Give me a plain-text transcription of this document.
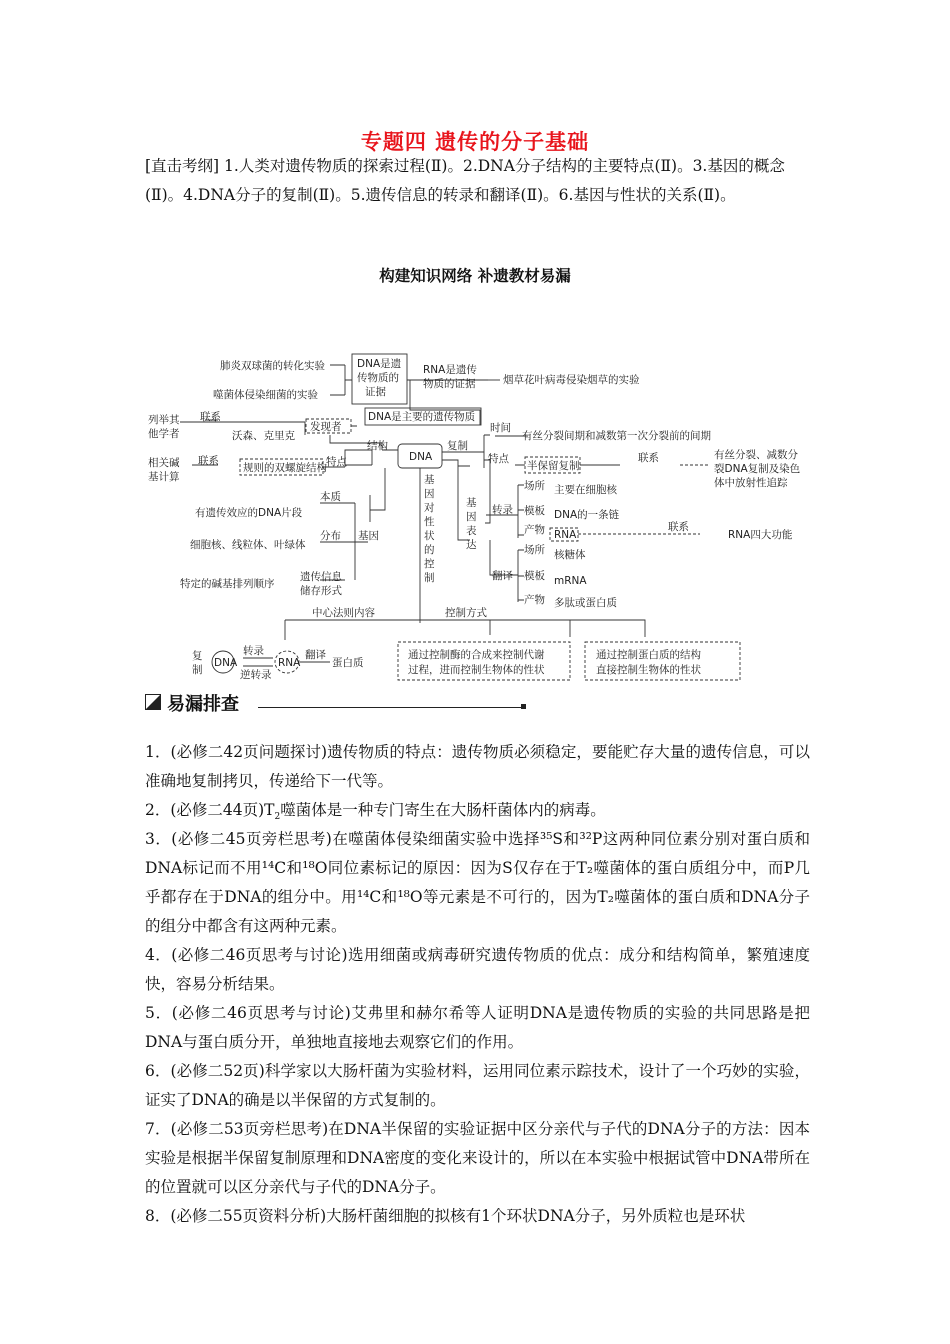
专题四 遗传的分子基础
[直击考纲] 1.人类对遗传物质的探索过程(Ⅱ)。2.DNA分子结构的主要特点(Ⅱ)。3.基因的概念(Ⅱ)。4.DNA分子的复制(Ⅱ)。5.遗传信息的转录和翻译(Ⅱ)。6.基因与性状的关系(Ⅱ)。
构建知识网络 补遗教材易漏
肺炎双球菌的转化实验
噬菌体侵染细菌的实验
DNA是遗
传物质的
证据
RNA是遗传
物质的证据	烟草花叶病毒侵染烟草的实验
DNA是主要的遗传物质
列举其
他学者
联系
发现者
沃森、克里克
结构
DNA
复制
时间
有丝分裂间期和减数第一次分裂前的间期
相关碱
基计算
联系	特点
规则的双螺旋结构
特点
半保留复制
联系	有丝分裂、减数分
裂DNA复制及染色
体中放射性追踪
本质
有遗传效应的DNA片段
分布 基因
细胞核、线粒体、叶绿体
遗传信息
储存形式
特定的碱基排列顺序
基
因
对
性
状
的
控
制
基
因
表
达
转录
翻译
场所
模板
产物
主要在细胞核
DNA的一条链
RNA
联系
RNA四大功能
场所
模板
产物
核糖体
mRNA
多肽或蛋白质
中心法则内容	控制方式
复
制
DNA
转录
逆转录
RNA
翻译
蛋白质
通过控制酶的合成来控制代谢
过程，进而控制生物体的性状
通过控制蛋白质的结构
直接控制生物体的性状
易漏排查

1．(必修二42页问题探讨)遗传物质的特点：遗传物质必须稳定，要能贮存大量的遗传信息，可以准确地复制拷贝，传递给下一代等。

2．(必修二44页)$T_2$噬菌体是一种专门寄生在大肠杆菌体内的病毒。

3．(必修二45页旁栏思考)在噬菌体侵染细菌实验中选择³⁵S和³²P这两种同位素分别对蛋白质和DNA标记而不用¹⁴C和¹⁸O同位素标记的原因：因为S仅存在于T₂噬菌体的蛋白质组分中，而P几乎都存在于DNA的组分中。用¹⁴C和¹⁸O等元素是不可行的，因为T₂噬菌体的蛋白质和DNA分子的组分中都含有这两种元素。

4．(必修二46页思考与讨论)选用细菌或病毒研究遗传物质的优点：成分和结构简单，繁殖速度快，容易分析结果。

5．(必修二46页思考与讨论)艾弗里和赫尔希等人证明DNA是遗传物质的实验的共同思路是把DNA与蛋白质分开，单独地直接地去观察它们的作用。

6．(必修二52页)科学家以大肠杆菌为实验材料，运用同位素示踪技术，设计了一个巧妙的实验，证实了DNA的确是以半保留的方式复制的。

7．(必修二53页旁栏思考)在DNA半保留的实验证据中区分亲代与子代的DNA分子的方法：因本实验是根据半保留复制原理和DNA密度的变化来设计的，所以在本实验中根据试管中DNA带所在的位置就可以区分亲代与子代的DNA分子。

8．(必修二55页资料分析)大肠杆菌细胞的拟核有1个环状DNA分子，另外质粒也是环状
